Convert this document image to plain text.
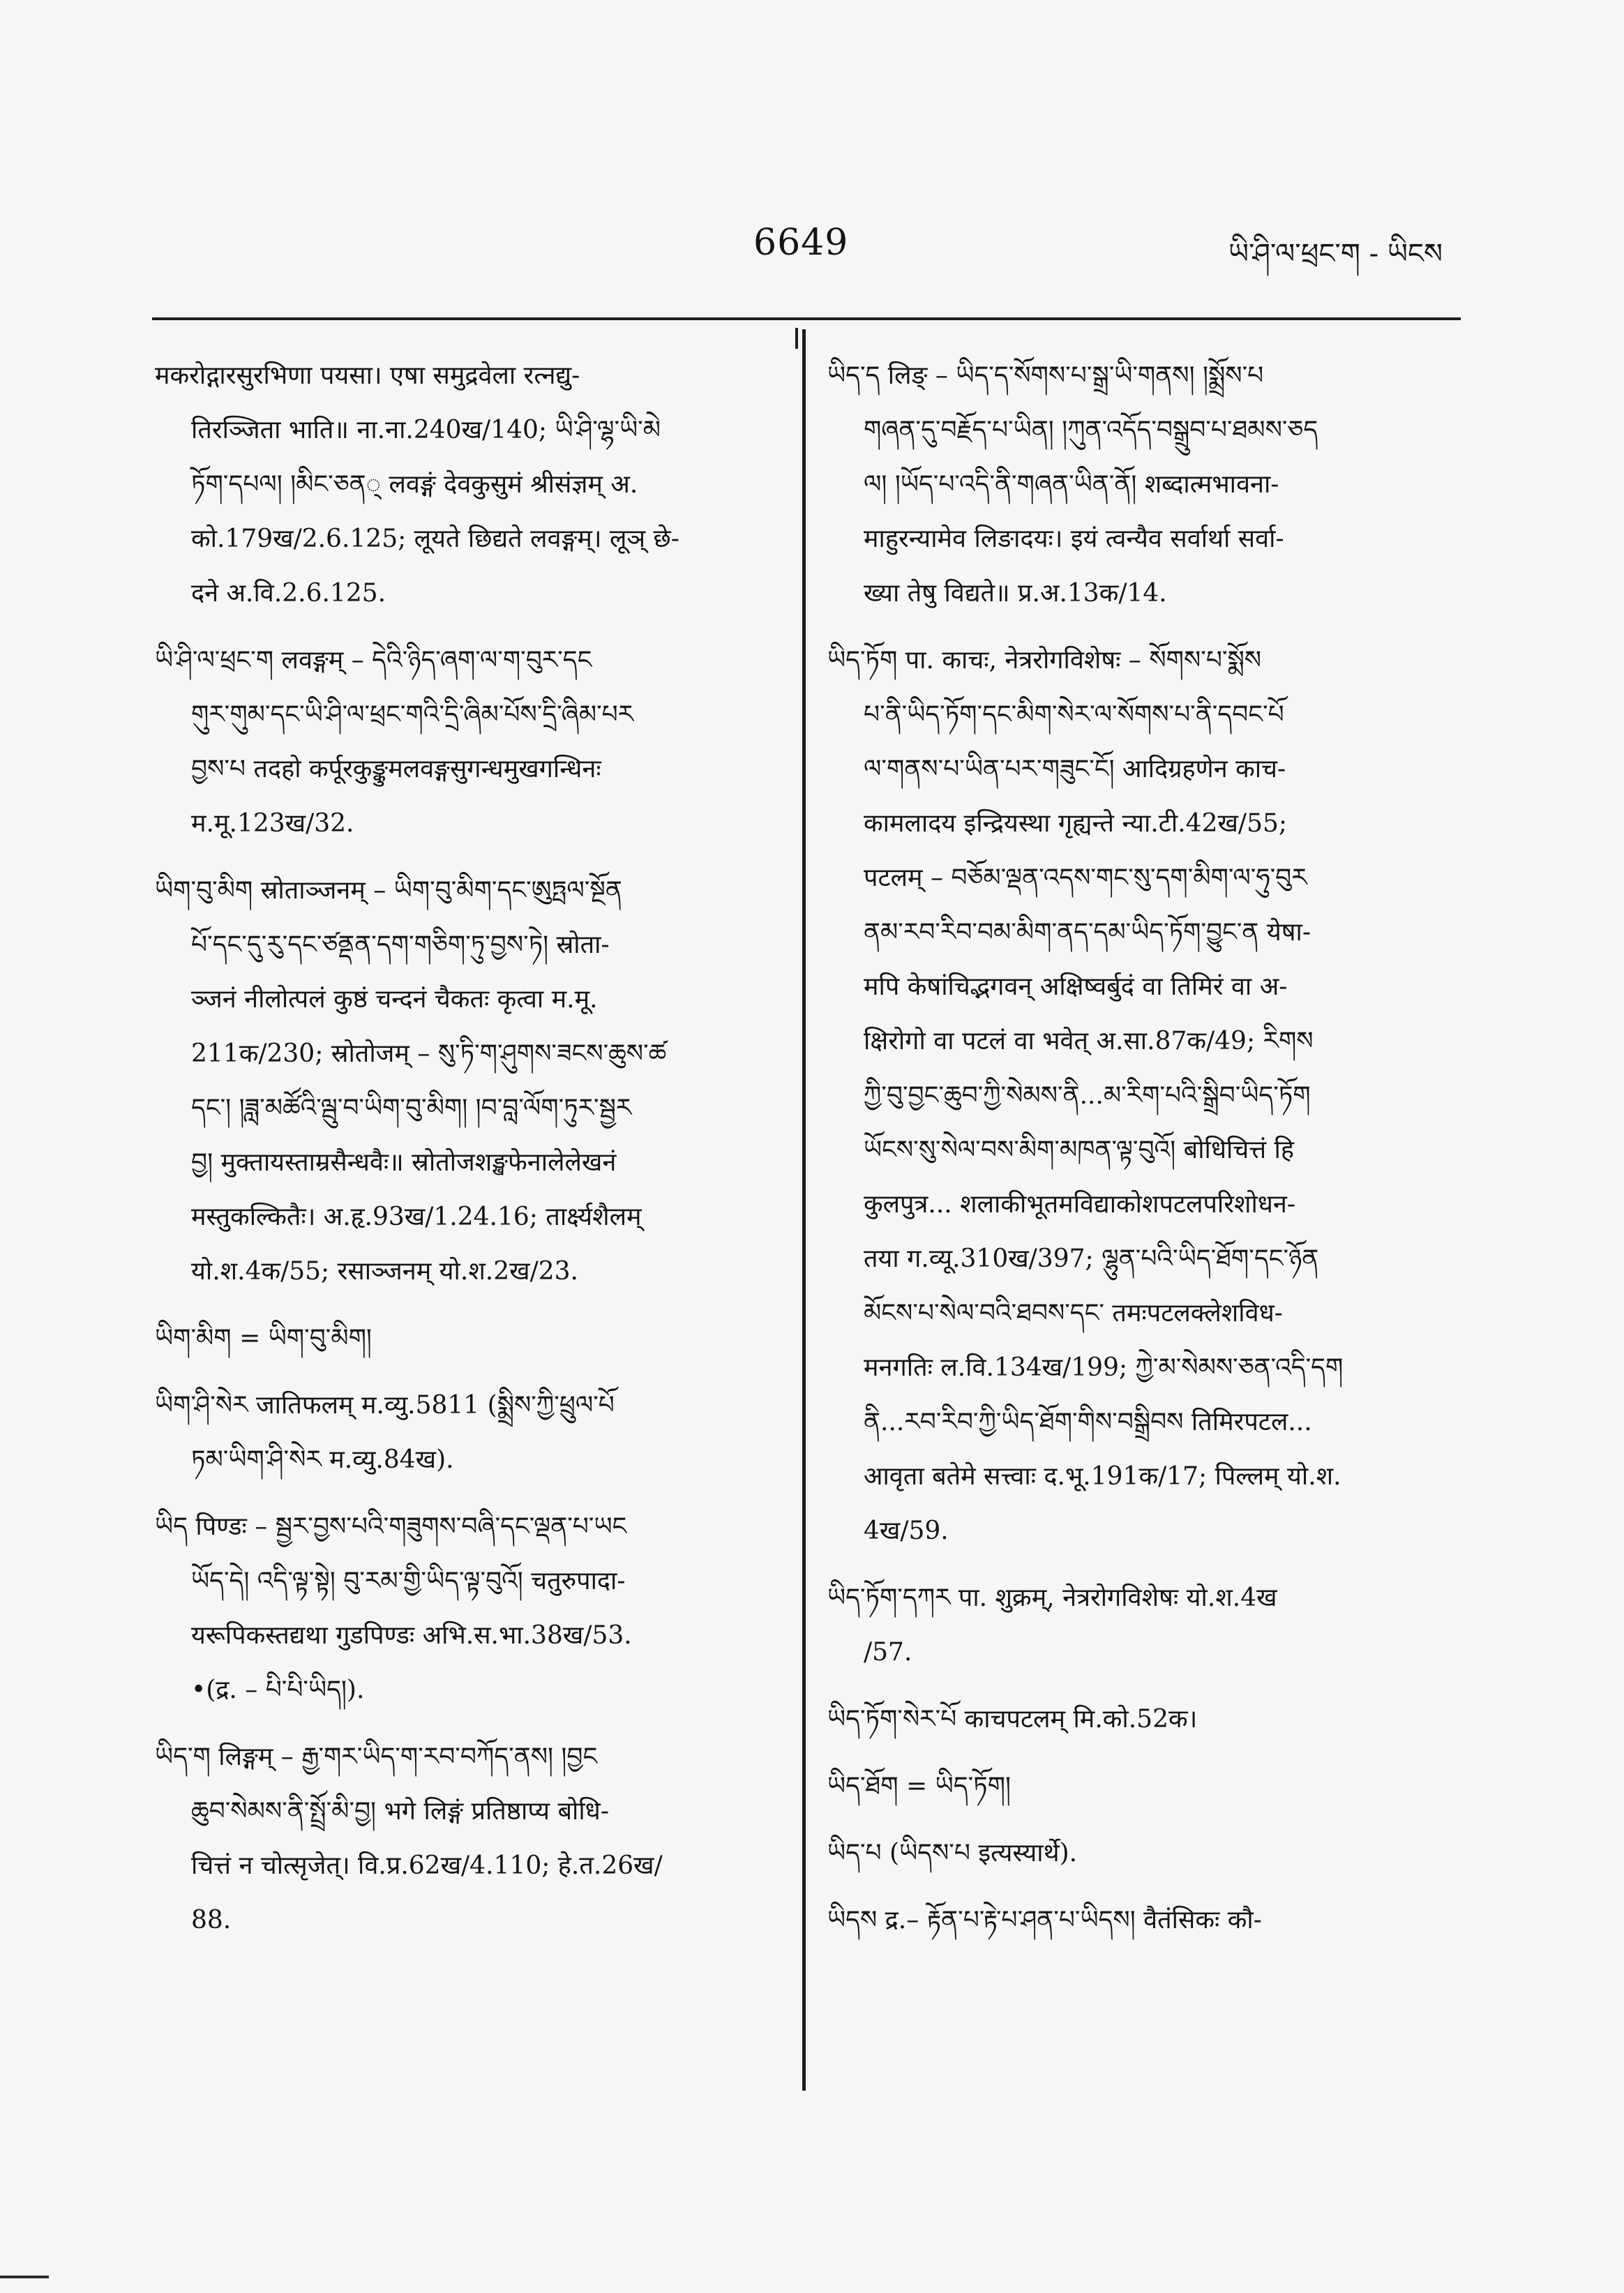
6649	ཡི་ཤི་ལ་ཕྲང་ག - ཡིངས
मकरोद्गारसुरभिणा पयसा। एषा समुद्रवेला रत्नद्यु-
तिरञ्जिता भाति॥ ना.ना.240ख/140; ཡི་ཤི་ལྷ་ཡི་མེ
ཏོག་དཔལ། །མིང་ཅན् लवङ्गं देवकुसुमं श्रीसंज्ञम् अ.
को.179ख/2.6.125; लूयते छिद्यते लवङ्गम्। लूञ् छे-
दने अ.वि.2.6.125.
ཡི་ཤི་ལ་ཕྲང་ག लवङ्गम् – དེའི་ཉིད་ཞག་ལ་ག་བུར་དང
གུར་གུམ་དང་ཡི་ཤི་ལ་ཕྲང་གའི་དྲི་ཞིམ་པོས་དྲི་ཞིམ་པར
བྱས་པ तदहो कर्पूरकुङ्कुमलवङ्गसुगन्धमुखगन्धिनः
म.मू.123ख/32.
ཡིག་བུ་མིག स्रोताञ्जनम् – ཡིག་བུ་མིག་དང་ཨུཏྤལ་སྔོན
པོ་དང་དུ་རུ་དང་ཙནྡན་དག་གཅིག་ཏུ་བྱས་ཏེ། स्रोता-
ञ्जनं नीलोत्पलं कुष्ठं चन्दनं चैकतः कृत्वा म.मू.
211क/230; स्रोतोजम् – སུ་ཏི་ག་ཤུགས་ཟངས་ཆུས་ཚ
དང་། །ཟླ་མཚོའི་ལྦུ་བ་ཡིག་བུ་མིག། །བ་བླ་ལོག་ཏུར་སྦྱར
བྱ། मुक्तायस्ताम्रसैन्धवैः॥ स्रोतोजशङ्खफेनालेलेखनं
मस्तुकल्कितैः। अ.हृ.93ख/1.24.16; तार्क्ष्यशैलम्
यो.श.4क/55; रसाञ्जनम् यो.श.2ख/23.
ཡིག་མིག = ཡིག་བུ་མིག།
ཡིག་ཤི་སེར जातिफलम् म.व्यु.5811 (སྨྲིས་ཀྱི་ཕྲུལ་པོ
ཏམ་ཡིག་ཤི་སེར म.व्यु.84ख).
ཡིད पिण्डः – སྦྱར་བྱས་པའི་གཟུགས་བཞི་དང་ལྡན་པ་ཡང
ཡོད་དེ། འདི་ལྟ་སྟེ། བུ་རམ་གྱི་ཡིད་ལྟ་བུའོ། चतुरुपादा-
यरूपिकस्तद्यथा गुडपिण्डः अभि.स.भा.38ख/53.
•(द्र. – པི་པི་ཡིད།).
ཡིད་ག लिङ्गम् – རྒྱ་གར་ཡིད་ག་རབ་བཀོད་ནས། །བྱང
ཆུབ་སེམས་ནི་སྤྲོ་མི་བྱ། भगे लिङ्गं प्रतिष्ठाप्य बोधि-
चित्तं न चोत्सृजेत्। वि.प्र.62ख/4.110; हे.त.26ख/
88.
ཡིད་ད लिङ् – ཡིད་ད་སོགས་པ་སྒྲ་ཡི་གནས། །སྨྲོས་པ
གཞན་དུ་བརྗོད་པ་ཡིན། །ཀུན་འདོད་བསྒྲུབ་པ་ཐམས་ཅད
ལ། །ཡོད་པ་འདི་ནི་གཞན་ཡིན་ནོ། शब्दात्मभावना-
माहुरन्यामेव लिङादयः। इयं त्वन्यैव सर्वार्था सर्वा-
ख्या तेषु विद्यते॥ प्र.अ.13क/14.
ཡིད་ཏོག पा. काचः, नेत्ररोगविशेषः – སོགས་པ་སྨོས
པ་ནི་ཡིད་ཏོག་དང་མིག་སེར་ལ་སོགས་པ་ནི་དབང་པོ
ལ་གནས་པ་ཡིན་པར་གཟུང་ངོ། आदिग्रहणेन काच-
कामलादय इन्द्रियस्था गृह्यन्ते न्या.टी.42ख/55;
पटलम् – བཅོམ་ལྡན་འདས་གང་སུ་དག་མིག་ལ་ཧུ་བུར
ནམ་རབ་རིབ་བམ་མིག་ནད་དམ་ཡིད་ཏོག་བྱུང་ན येषा-
मपि केषांचिद्भगवन् अक्षिष्वर्बुदं वा तिमिरं वा अ-
क्षिरोगो वा पटलं वा भवेत् अ.सा.87क/49; རིགས
ཀྱི་བུ་བྱང་ཆུབ་ཀྱི་སེམས་ནི...མ་རིག་པའི་སྒྲིབ་ཡིད་ཏོག
ཡོངས་སུ་སེལ་བས་མིག་མཁན་ལྟ་བུའོ། बोधिचित्तं हि
कुलपुत्र... शलाकीभूतमविद्याकोशपटलपरिशोधन-
तया ग.व्यू.310ख/397; ལྷུན་པའི་ཡིད་ཐོག་དང་ཉོན
མོངས་པ་སེལ་བའི་ཐབས་དང་ तमःपटलक्लेशविध-
मनगतिः ल.वि.134ख/199; ཀྱེ་མ་སེམས་ཅན་འདི་དག
ནི...རབ་རིབ་ཀྱི་ཡིད་ཐོག་གིས་བསྒྲིབས तिमिरपटल...
आवृता बतेमे सत्त्वाः द.भू.191क/17; पिल्लम् यो.श.
4ख/59.
ཡིད་ཏོག་དཀར पा. शुक्रम्, नेत्ररोगविशेषः यो.श.4ख
/57.
ཡིད་ཏོག་སེར་པོ काचपटलम् मि.को.52क।
ཡིད་ཐོག = ཡིད་ཏོག།
ཡིད་པ (ཡིདས་པ इत्यस्यार्थे).
ཡིདས द्र.– རྟོན་པ་རྟེ་པ་ཤན་པ་ཡིདས། वैतंसिकः कौ-
